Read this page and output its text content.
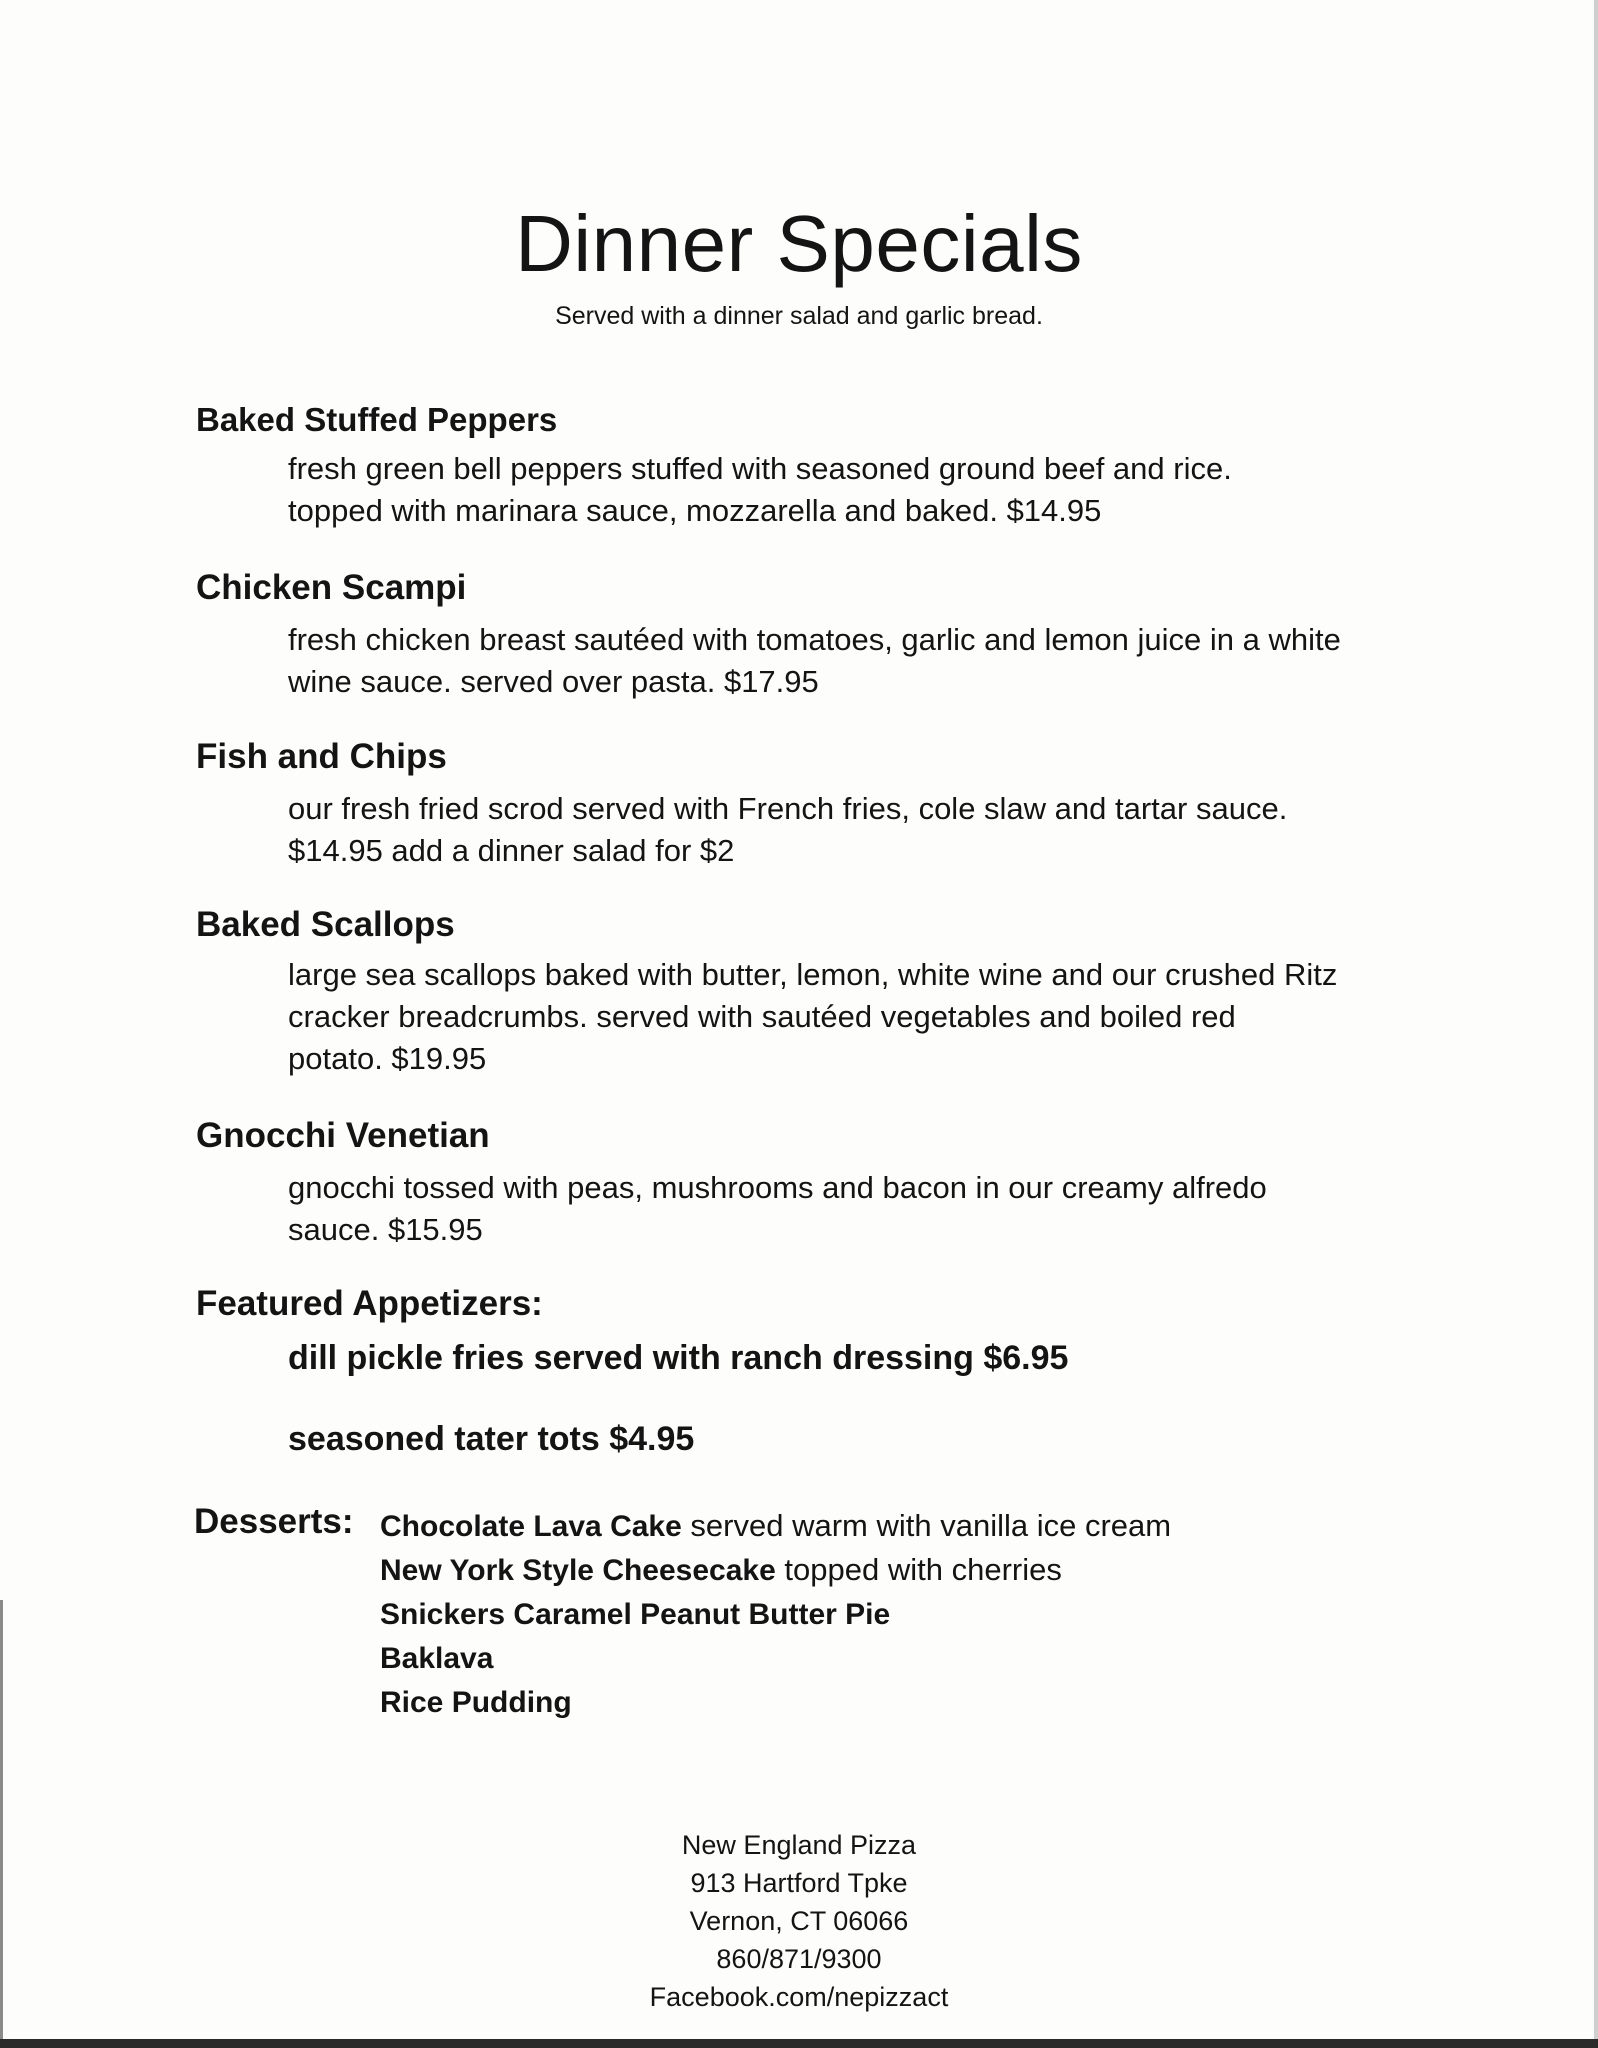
Dinner Specials

Served with a dinner salad and garlic bread.

Baked Stuffed Peppers
fresh green bell peppers stuffed with seasoned ground beef and rice.
topped with marinara sauce, mozzarella and baked. $14.95
Chicken Scampi
fresh chicken breast sautéed with tomatoes, garlic and lemon juice in a white
wine sauce. served over pasta. $17.95
Fish and Chips
our fresh fried scrod served with French fries, cole slaw and tartar sauce.
$14.95 add a dinner salad for $2
Baked Scallops
large sea scallops baked with butter, lemon, white wine and our crushed Ritz
cracker breadcrumbs. served with sautéed vegetables and boiled red
potato. $19.95
Gnocchi Venetian
gnocchi tossed with peas, mushrooms and bacon in our creamy alfredo
sauce. $15.95
Featured Appetizers:

dill pickle fries served with ranch dressing $6.95

seasoned tater tots $4.95

Desserts: Chocolate Lava Cake served warm with vanilla ice cream
New York Style Cheesecake topped with cherries
Snickers Caramel Peanut Butter Pie
Baklava
Rice Pudding
New England Pizza
913 Hartford Tpke
Vernon, CT 06066
860/871/9300
Facebook.com/nepizzact
